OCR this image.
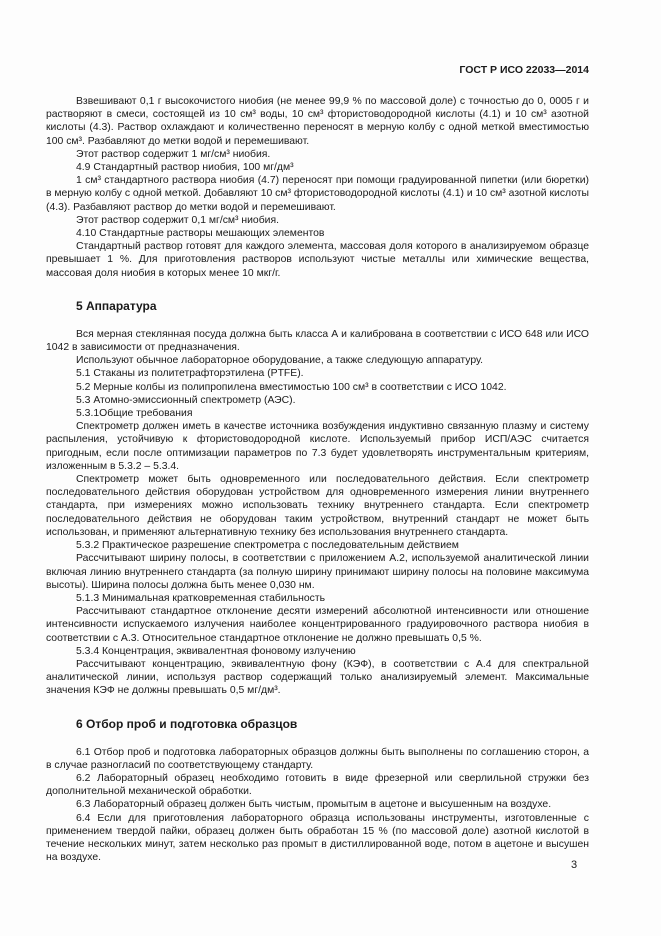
ГОСТ Р ИСО 22033—2014

Взвешивают 0,1 г высокочистого ниобия (не менее 99,9 % по массовой доле) с точностью до 0, 0005 г и растворяют в смеси, состоящей из 10 см³ воды, 10 см³ фтористоводородной кислоты (4.1) и 10 см³ азотной кислоты (4.3). Раствор охлаждают и количественно переносят в мерную колбу с одной меткой вместимостью 100 см³. Разбавляют до метки водой и перемешивают.

Этот раствор содержит 1 мг/см³ ниобия.

4.9 Стандартный раствор ниобия, 100 мг/дм³

1 см³ стандартного раствора ниобия (4.7) переносят при помощи градуированной пипетки (или бюретки) в мерную колбу с одной меткой. Добавляют 10 см³ фтористоводородной кислоты (4.1) и 10 см³ азотной кислоты (4.3). Разбавляют раствор до метки водой и перемешивают.

Этот раствор содержит 0,1 мг/см³ ниобия.

4.10 Стандартные растворы мешающих элементов

Стандартный раствор готовят для каждого элемента, массовая доля которого в анализируемом образце превышает 1 %. Для приготовления растворов используют чистые металлы или химические вещества, массовая доля ниобия в которых менее 10 мкг/г.

5 Аппаратура

Вся мерная стеклянная посуда должна быть класса А и калибрована в соответствии с ИСО 648 или ИСО 1042 в зависимости от предназначения.

Используют обычное лабораторное оборудование, а также следующую аппаратуру.

5.1 Стаканы из политетрафторэтилена (PTFE).

5.2 Мерные колбы из полипропилена вместимостью 100 см³ в соответствии с ИСО 1042.

5.3 Атомно-эмиссионный спектрометр (АЭС).

5.3.1Общие требования

Спектрометр должен иметь в качестве источника возбуждения индуктивно связанную плазму и систему распыления, устойчивую к фтористоводородной кислоте. Используемый прибор ИСП/АЭС считается пригодным, если после оптимизации параметров по 7.3 будет удовлетворять инструментальным критериям, изложенным в 5.3.2 – 5.3.4.

Спектрометр может быть одновременного или последовательного действия. Если спектрометр последовательного действия оборудован устройством для одновременного измерения линии внутреннего стандарта, при измерениях можно использовать технику внутреннего стандарта. Если спектрометр последовательного действия не оборудован таким устройством, внутренний стандарт не может быть использован, и применяют альтернативную технику без использования внутреннего стандарта.

5.3.2 Практическое разрешение спектрометра с последовательным действием

Рассчитывают ширину полосы, в соответствии с приложением А.2, используемой аналитической линии включая линию внутреннего стандарта (за полную ширину принимают ширину полосы на половине максимума высоты). Ширина полосы должна быть менее 0,030 нм.

5.1.3 Минимальная кратковременная стабильность

Рассчитывают стандартное отклонение десяти измерений абсолютной интенсивности или отношение интенсивности испускаемого излучения наиболее концентрированного градуировочного раствора ниобия в соответствии с А.3. Относительное стандартное отклонение не должно превышать 0,5 %.

5.3.4 Концентрация, эквивалентная фоновому излучению

Рассчитывают концентрацию, эквивалентную фону (КЭФ), в соответствии с А.4 для спектральной аналитической линии, используя раствор содержащий только анализируемый элемент. Максимальные значения КЭФ не должны превышать 0,5 мг/дм³.

6 Отбор проб и подготовка образцов

6.1 Отбор проб и подготовка лабораторных образцов должны быть выполнены по соглашению сторон, а в случае разногласий по соответствующему стандарту.

6.2 Лабораторный образец необходимо готовить в виде фрезерной или сверлильной стружки без дополнительной механической обработки.

6.3 Лабораторный образец должен быть чистым, промытым в ацетоне и высушенным на воздухе.

6.4 Если для приготовления лабораторного образца использованы инструменты, изготовленные с применением твердой пайки, образец должен быть обработан 15 % (по массовой доле) азотной кислотой в течение нескольких минут, затем несколько раз промыт в дистиллированной воде, потом в ацетоне и высушен на воздухе.

3
